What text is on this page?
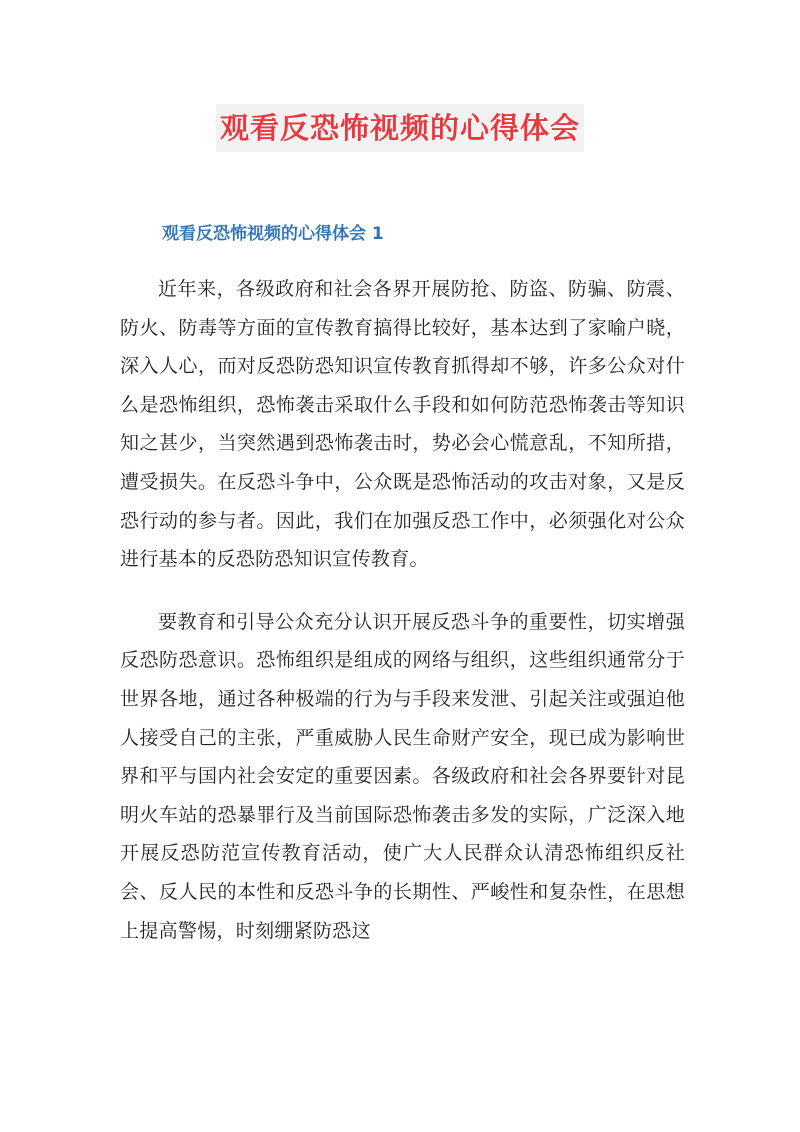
观看反恐怖视频的心得体会
观看反恐怖视频的心得体会 1

近年来，各级政府和社会各界开展防抢、防盗、防骗、防震、防火、防毒等方面的宣传教育搞得比较好，基本达到了家喻户晓，深入人心，而对反恐防恐知识宣传教育抓得却不够，许多公众对什么是恐怖组织，恐怖袭击采取什么手段和如何防范恐怖袭击等知识知之甚少，当突然遇到恐怖袭击时，势必会心慌意乱，不知所措，遭受损失。在反恐斗争中，公众既是恐怖活动的攻击对象，又是反恐行动的参与者。因此，我们在加强反恐工作中，必须强化对公众进行基本的反恐防恐知识宣传教育。

要教育和引导公众充分认识开展反恐斗争的重要性，切实增强反恐防恐意识。恐怖组织是组成的网络与组织，这些组织通常分于世界各地，通过各种极端的行为与手段来发泄、引起关注或强迫他人接受自己的主张，严重威胁人民生命财产安全，现已成为影响世界和平与国内社会安定的重要因素。各级政府和社会各界要针对昆明火车站的恐暴罪行及当前国际恐怖袭击多发的实际，广泛深入地开展反恐防范宣传教育活动，使广大人民群众认清恐怖组织反社会、反人民的本性和反恐斗争的长期性、严峻性和复杂性，在思想上提高警惕，时刻绷紧防恐这
